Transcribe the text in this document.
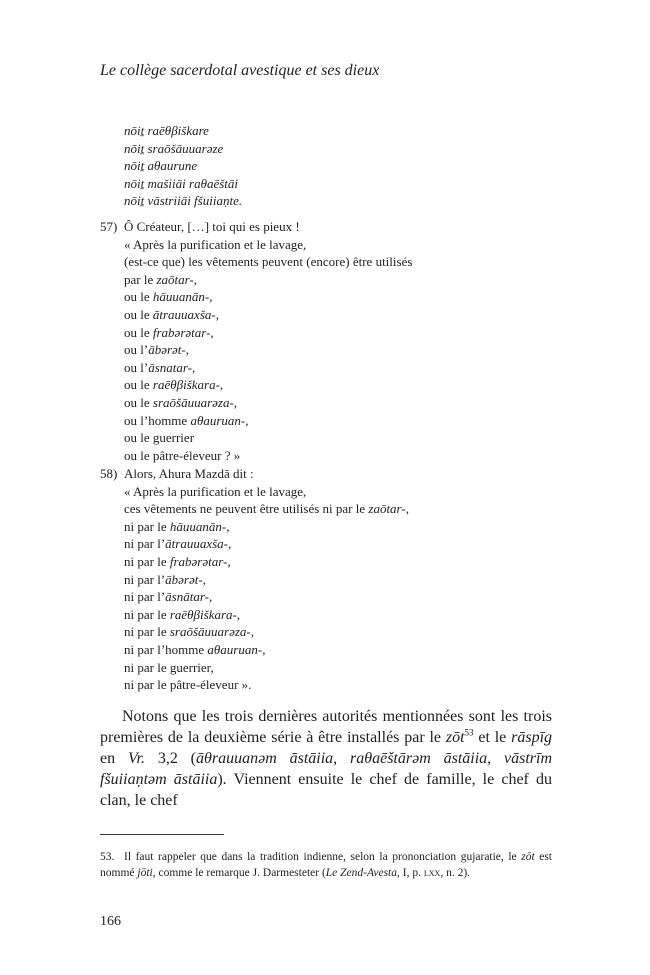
Le collège sacerdotal avestique et ses dieux
nōiṯ raēθβiškare
nōiṯ sraōšāuuarəze
nōiṯ aθaurune
nōiṯ mašiiāi raθaēštāi
nōiṯ vāstriiāi fšuiiaṇte.
57) Ô Créateur, […] toi qui es pieux !
« Après la purification et le lavage,
(est-ce que) les vêtements peuvent (encore) être utilisés
par le zaōtar-,
ou le hāuuanān-,
ou le ātrauuaxša-,
ou le frabərətar-,
ou l’ābərət-,
ou l’āsnatar-,
ou le raēθβiškara-,
ou le sraōšāuuarəza-,
ou l’homme aθauruan-,
ou le guerrier
ou le pâtre-éleveur ? »
58) Alors, Ahura Mazdā dit :
« Après la purification et le lavage,
ces vêtements ne peuvent être utilisés ni par le zaōtar-,
ni par le hāuuanān-,
ni par l’ātrauuaxša-,
ni par le frabərətar-,
ni par l’ābərət-,
ni par l’āsnātar-,
ni par le raēθβiškara-,
ni par le sraōšāuuarəza-,
ni par l’homme aθauruan-,
ni par le guerrier,
ni par le pâtre-éleveur ».

Notons que les trois dernières autorités mentionnées sont les trois premières de la deuxième série à être installés par le zōt$^{53}$ et le rāspīg en Vr. 3,2 (āθrauuanəm āstāiia, raθaēštārəm āstāiia, vāstrīm fšuiiaṇtəm āstāiia). Viennent ensuite le chef de famille, le chef du clan, le chef

53. Il faut rappeler que dans la tradition indienne, selon la prononciation gujaratie, le zōt est nommé jōti, comme le remarque J. Darmesteter (Le Zend-Avesta, I, p. lxx, n. 2).
166
